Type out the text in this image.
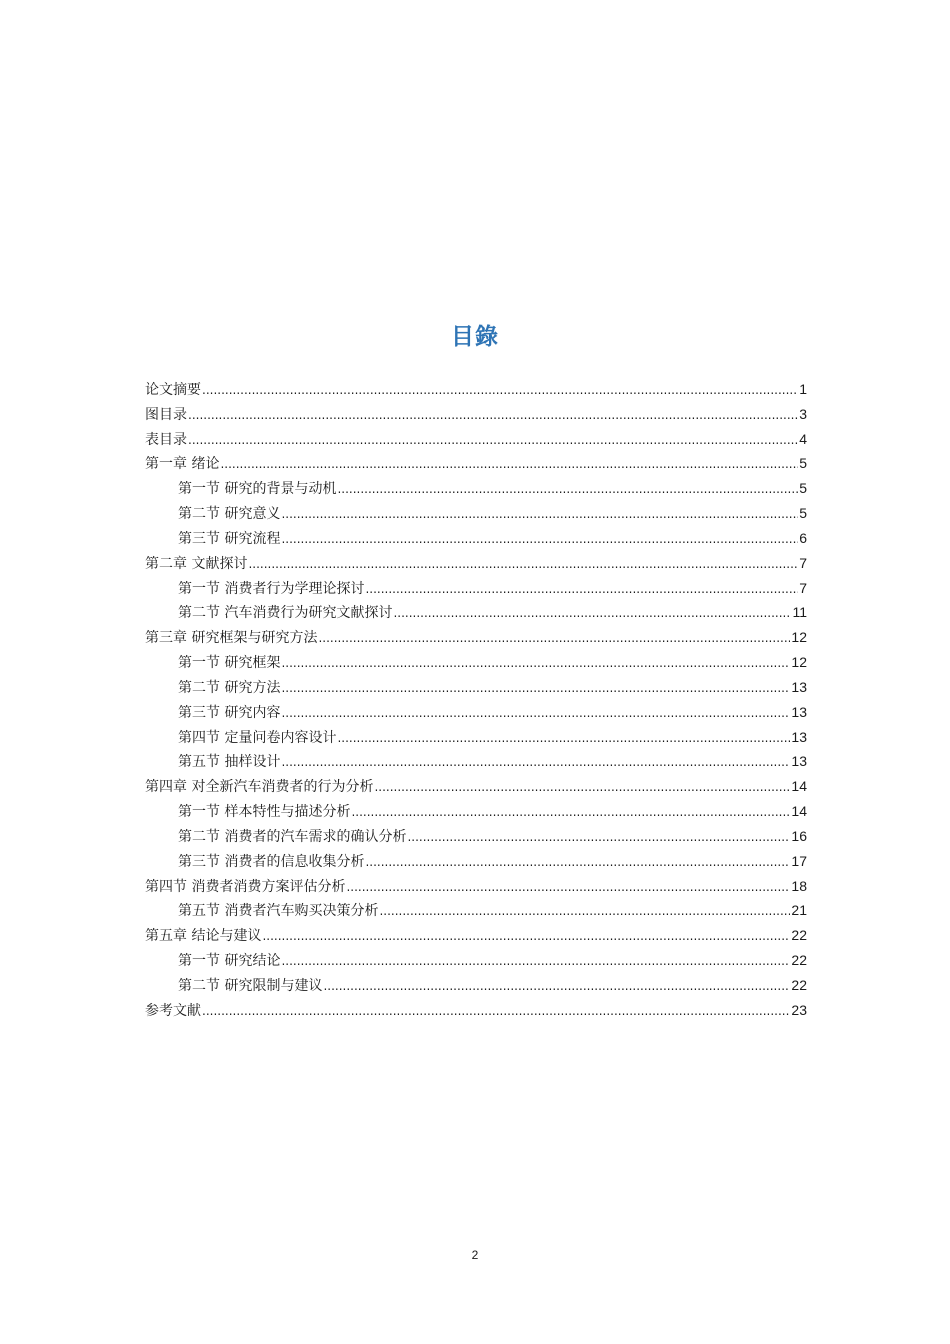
目錄
论文摘要 .....	1
图目录 .....	3
表目录 .....	4
第一章 绪论 .....	5
第一节 研究的背景与动机 .....	5
第二节 研究意义 .....	5
第三节 研究流程 .....	6
第二章 文献探讨 .....	7
第一节 消费者行为学理论探讨 .....	7
第二节 汽车消费行为研究文献探讨 .....	11
第三章 研究框架与研究方法 .....	12
第一节 研究框架 .....	12
第二节 研究方法 .....	13
第三节 研究内容 .....	13
第四节 定量问卷内容设计 .....	13
第五节 抽样设计 .....	13
第四章 对全新汽车消费者的行为分析 .....	14
第一节 样本特性与描述分析 .....	14
第二节 消费者的汽车需求的确认分析 .....	16
第三节 消费者的信息收集分析 .....	17
第四节 消费者消费方案评估分析 .....	18
第五节 消费者汽车购买决策分析 .....	21
第五章 结论与建议 .....	22
第一节 研究结论 .....	22
第二节 研究限制与建议 .....	22
参考文献 .....	23
2
